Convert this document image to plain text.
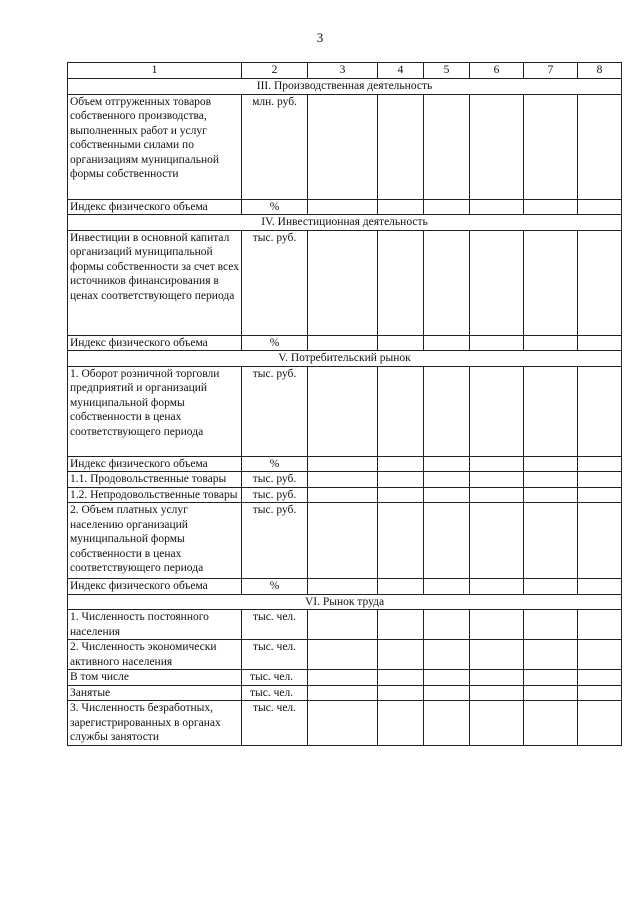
3
1	2	3	4	5	6	7	8
III. Производственная деятельность							
Объем отгруженных товаров собственного производства, выполненных работ и услуг собственными силами по организациям муниципальной формы собственности	млн. руб.						
Индекс физического объема	%						
IV. Инвестиционная деятельность							
Инвестиции в основной капитал организаций муниципальной формы собственности за счет всех источников финансирования в ценах соответствующего периода	тыс. руб.						
Индекс физического объема	%						
V. Потребительский рынок							
1. Оборот розничной торговли предприятий и организаций муниципальной формы собственности в ценах соответствующего периода	тыс. руб.						
Индекс физического объема	%						
1.1. Продовольственные товары	тыс. руб.						
1.2. Непродовольственные товары	тыс. руб.						
2. Объем платных услуг населению организаций муниципальной формы собственности в ценах соответствующего периода	тыс. руб.						
Индекс физического объема	%						
VI. Рынок труда							
1. Численность постоянного населения	тыс. чел.						
2. Численность экономически активного населения	тыс. чел.						
В том числе	тыс. чел.						
Занятые	тыс. чел.						
3. Численность безработных, зарегистрированных в органах службы занятости	тыс. чел.						
